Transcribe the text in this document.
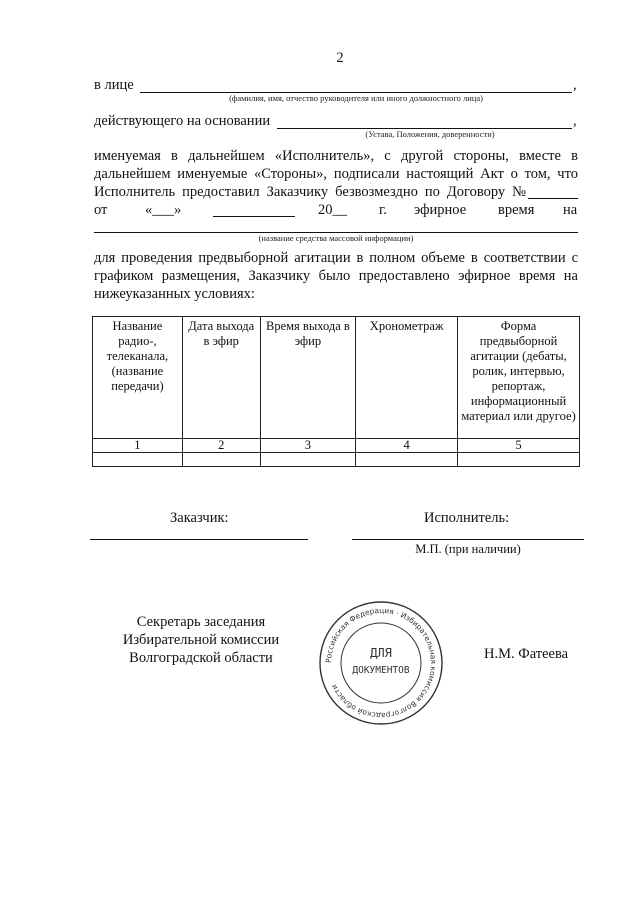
2
в лице	,
(фамилия, имя, отчество руководителя или иного должностного лица)
действующего на основании	,
(Устава, Положения, доверенности)
именуемая в дальнейшем «Исполнитель», с другой стороны, вместе в
дальнейшем именуемые «Стороны», подписали настоящий Акт о том, что
Исполнитель предоставил Заказчику безвозмездно по Договору №
от	«___»	20__ г. эфирное время на
(название средства массовой информации)
для проведения предвыборной агитации в полном объеме в соответствии с
графиком размещения, Заказчику было предоставлено эфирное время на
нижеуказанных условиях:
Название радио-, телеканала, (название передачи)	Дата выхода в эфир	Время выхода в эфир	Хронометраж	Форма предвыборной агитации (дебаты, ролик, интервью, репортаж, информационный материал или другое)
1	2	3	4	5

Заказчик:	Исполнитель:
М.П. (при наличии)
Секретарь заседания
Избирательной комиссии
Волгоградской области	Н.М. Фатеева
Российская Федерация · Избирательная комиссия Волгоградской области
ДЛЯ
ДОКУМЕНТОВ
